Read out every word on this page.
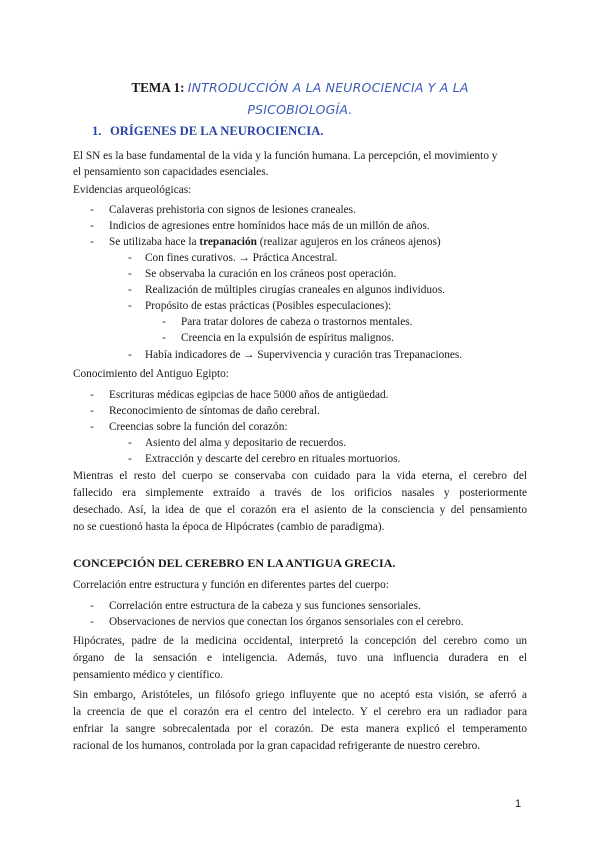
TEMA 1: INTRODUCCIÓN A LA NEUROCIENCIA Y A LA
PSICOBIOLOGÍA.
1. ORÍGENES DE LA NEUROCIENCIA.
El SN es la base fundamental de la vida y la función humana. La percepción, el movimiento y
el pensamiento son capacidades esenciales.
Evidencias arqueológicas:
- Calaveras prehistoria con signos de lesiones craneales.
- Indicios de agresiones entre homínidos hace más de un millón de años.
- Se utilizaba hace la trepanación (realizar agujeros en los cráneos ajenos)
- Con fines curativos. → Práctica Ancestral.
- Se observaba la curación en los cráneos post operación.
- Realización de múltiples cirugías craneales en algunos individuos.
- Propósito de estas prácticas (Posibles especulaciones):
- Para tratar dolores de cabeza o trastornos mentales.
- Creencia en la expulsión de espíritus malignos.
- Había indicadores de → Supervivencia y curación tras Trepanaciones.
Conocimiento del Antiguo Egipto:
- Escrituras médicas egipcias de hace 5000 años de antigüedad.
- Reconocimiento de síntomas de daño cerebral.
- Creencias sobre la función del corazón:
- Asiento del alma y depositario de recuerdos.
- Extracción y descarte del cerebro en rituales mortuorios.
Mientras el resto del cuerpo se conservaba con cuidado para la vida eterna, el cerebro del
fallecido era simplemente extraído a través de los orificios nasales y posteriormente
desechado. Así, la idea de que el corazón era el asiento de la consciencia y del pensamiento
no se cuestionó hasta la época de Hipócrates (cambio de paradigma).
CONCEPCIÓN DEL CEREBRO EN LA ANTIGUA GRECIA.
Correlación entre estructura y función en diferentes partes del cuerpo:
- Correlación entre estructura de la cabeza y sus funciones sensoriales.
- Observaciones de nervios que conectan los órganos sensoriales con el cerebro.
Hipócrates, padre de la medicina occidental, interpretó la concepción del cerebro como un
órgano de la sensación e inteligencia. Además, tuvo una influencia duradera en el
pensamiento médico y científico.
Sin embargo, Aristóteles, un filósofo griego influyente que no aceptó esta visión, se aferró a
la creencia de que el corazón era el centro del intelecto. Y el cerebro era un radiador para
enfriar la sangre sobrecalentada por el corazón. De esta manera explicó el temperamento
racional de los humanos, controlada por la gran capacidad refrigerante de nuestro cerebro.
1
